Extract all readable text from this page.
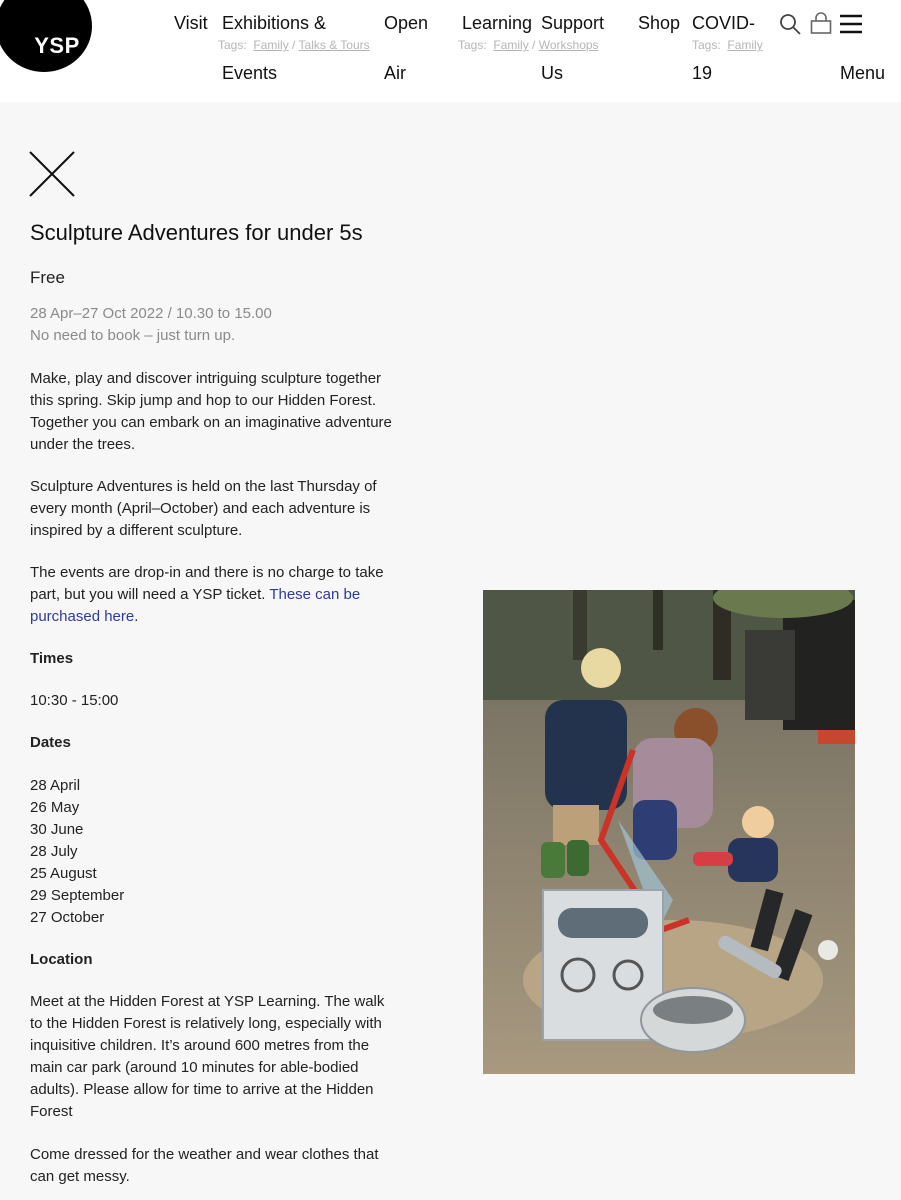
YSP	Tags: Family / Talks & Tours	Tags: Family / Workshops	Tags: Family
Visit Exhibitions &
Events
Open
Air
Learning Support
Us
Shop COVID-
19	Menu
Sculpture Adventures for under 5s
Free
28 Apr–27 Oct 2022 / 10.30 to 15.00
No need to book – just turn up.

Make, play and discover intriguing sculpture together this spring. Skip jump and hop to our Hidden Forest. Together you can embark on an imaginative adventure under the trees.

Sculpture Adventures is held on the last Thursday of every month (April–October) and each adventure is inspired by a different sculpture.

The events are drop-in and there is no charge to take part, but you will need a YSP ticket. These can be purchased here.

Times
10:30 - 15:00
Dates
28 April
26 May
30 June
28 July
25 August
29 September
27 October
Location

Meet at the Hidden Forest at YSP Learning. The walk to the Hidden Forest is relatively long, especially with inquisitive children. It’s around 600 metres from the main car park (around 10 minutes for able-bodied adults). Please allow for time to arrive at the Hidden Forest

Come dressed for the weather and wear clothes that can get messy.
